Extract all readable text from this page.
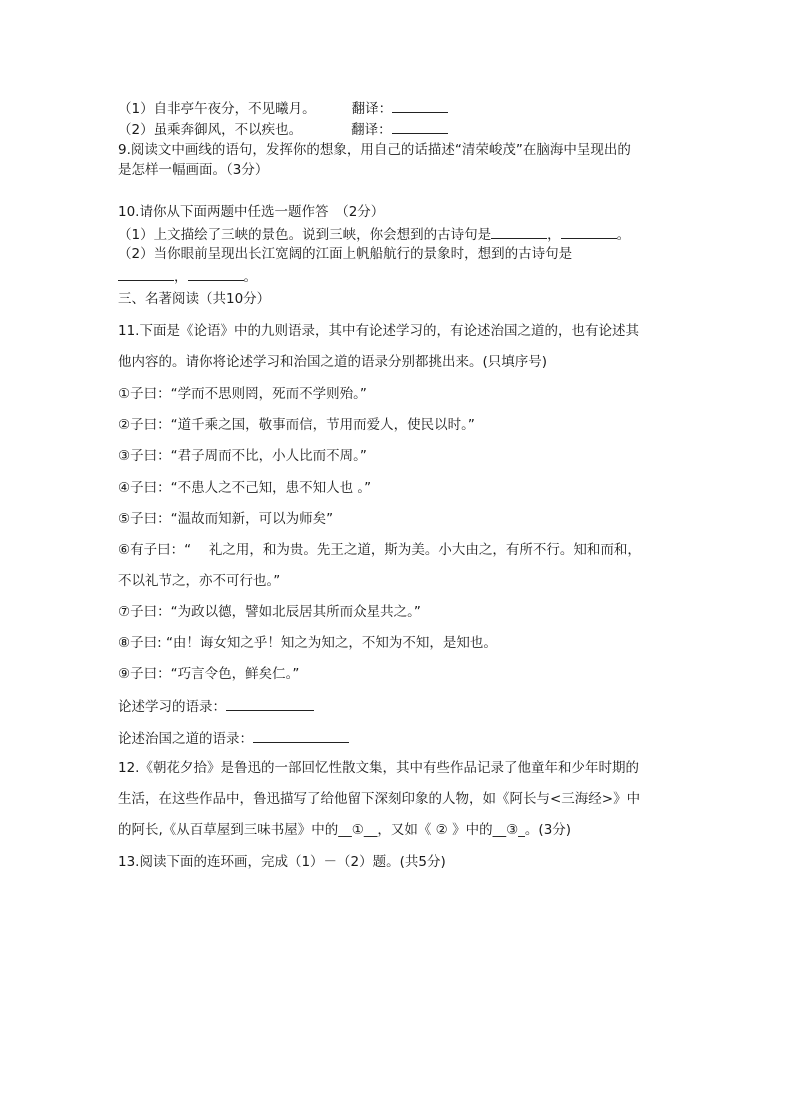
（1）自非亭午夜分，不见曦月。	翻译：
（2）虽乘奔御风，不以疾也。	翻译：
9.阅读文中画线的语句，发挥你的想象，用自己的话描述“清荣峻茂”在脑海中呈现出的
是怎样一幅画面。（3分）
10.请你从下面两题中任选一题作答　（2分）
（1）上文描绘了三峡的景色。说到三峡，你会想到的古诗句是	，	。
（2）当你眼前呈现出长江宽阔的江面上帆船航行的景象时，想到的古诗句是
，	。
三、名著阅读（共10分）
11.下面是《论语》中的九则语录，其中有论述学习的，有论述治国之道的，也有论述其
他内容的。请你将论述学习和治国之道的语录分别都挑出来。(只填序号)
①子曰：“学而不思则罔，死而不学则殆。”
②子曰：“道千乘之国，敬事而信，节用而爱人，使民以时。”
③子曰：“君子周而不比，小人比而不周。”
④子曰：“不患人之不己知，患不知人也 。”
⑤子曰：“温故而知新，可以为师矣”
⑥有子曰：“　 礼之用，和为贵。先王之道，斯为美。小大由之，有所不行。知和而和，
不以礼节之，亦不可行也。”
⑦子曰：“为政以德，譬如北辰居其所而众星共之。”
⑧子曰: “由！诲女知之乎！知之为知之，不知为不知，是知也。
⑨子曰：“巧言令色，鲜矣仁。”
论述学习的语录：
论述治国之道的语录：
12.《朝花夕拾》是鲁迅的一部回忆性散文集，其中有些作品记录了他童年和少年时期的
生活，在这些作品中，鲁迅描写了给他留下深刻印象的人物，如《阿长与<三海经>》中
的阿长,《从百草屋到三味书屋》中的__①__，又如《 ② 》中的__③_。(3分)
13.阅读下面的连环画，完成（1）－（2）题。(共5分)
